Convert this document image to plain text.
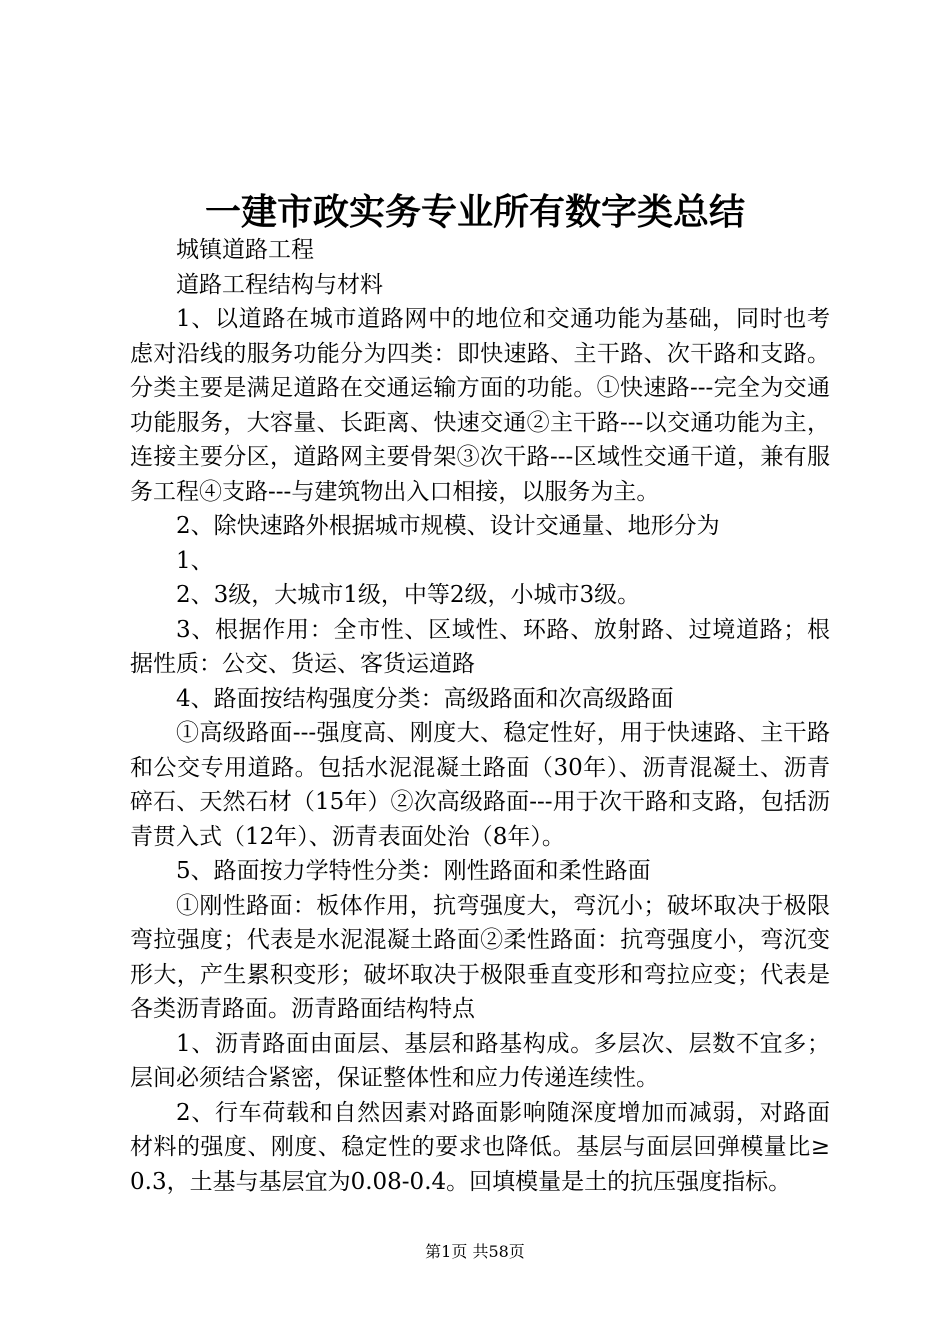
一建市政实务专业所有数字类总结

城镇道路工程

道路工程结构与材料

1、以道路在城市道路网中的地位和交通功能为基础，同时也考虑对沿线的服务功能分为四类：即快速路、主干路、次干路和支路。分类主要是满足道路在交通运输方面的功能。①快速路---完全为交通功能服务，大容量、长距离、快速交通②主干路---以交通功能为主，连接主要分区，道路网主要骨架③次干路---区域性交通干道，兼有服务工程④支路---与建筑物出入口相接，以服务为主。

2、除快速路外根据城市规模、设计交通量、地形分为

1、

2、3级，大城市1级，中等2级，小城市3级。

3、根据作用：全市性、区域性、环路、放射路、过境道路；根据性质：公交、货运、客货运道路

4、路面按结构强度分类：高级路面和次高级路面

①高级路面---强度高、刚度大、稳定性好，用于快速路、主干路和公交专用道路。包括水泥混凝土路面（30年）、沥青混凝土、沥青碎石、天然石材（15年）②次高级路面---用于次干路和支路，包括沥青贯入式（12年）、沥青表面处治（8年）。

5、路面按力学特性分类：刚性路面和柔性路面

①刚性路面：板体作用，抗弯强度大，弯沉小；破坏取决于极限弯拉强度；代表是水泥混凝土路面②柔性路面：抗弯强度小，弯沉变形大，产生累积变形；破坏取决于极限垂直变形和弯拉应变；代表是各类沥青路面。沥青路面结构特点

1、沥青路面由面层、基层和路基构成。多层次、层数不宜多；层间必须结合紧密，保证整体性和应力传递连续性。

2、行车荷载和自然因素对路面影响随深度增加而减弱，对路面材料的强度、刚度、稳定性的要求也降低。基层与面层回弹模量比≥0.3，土基与基层宜为0.08-0.4。回填模量是土的抗压强度指标。

第1页 共58页
